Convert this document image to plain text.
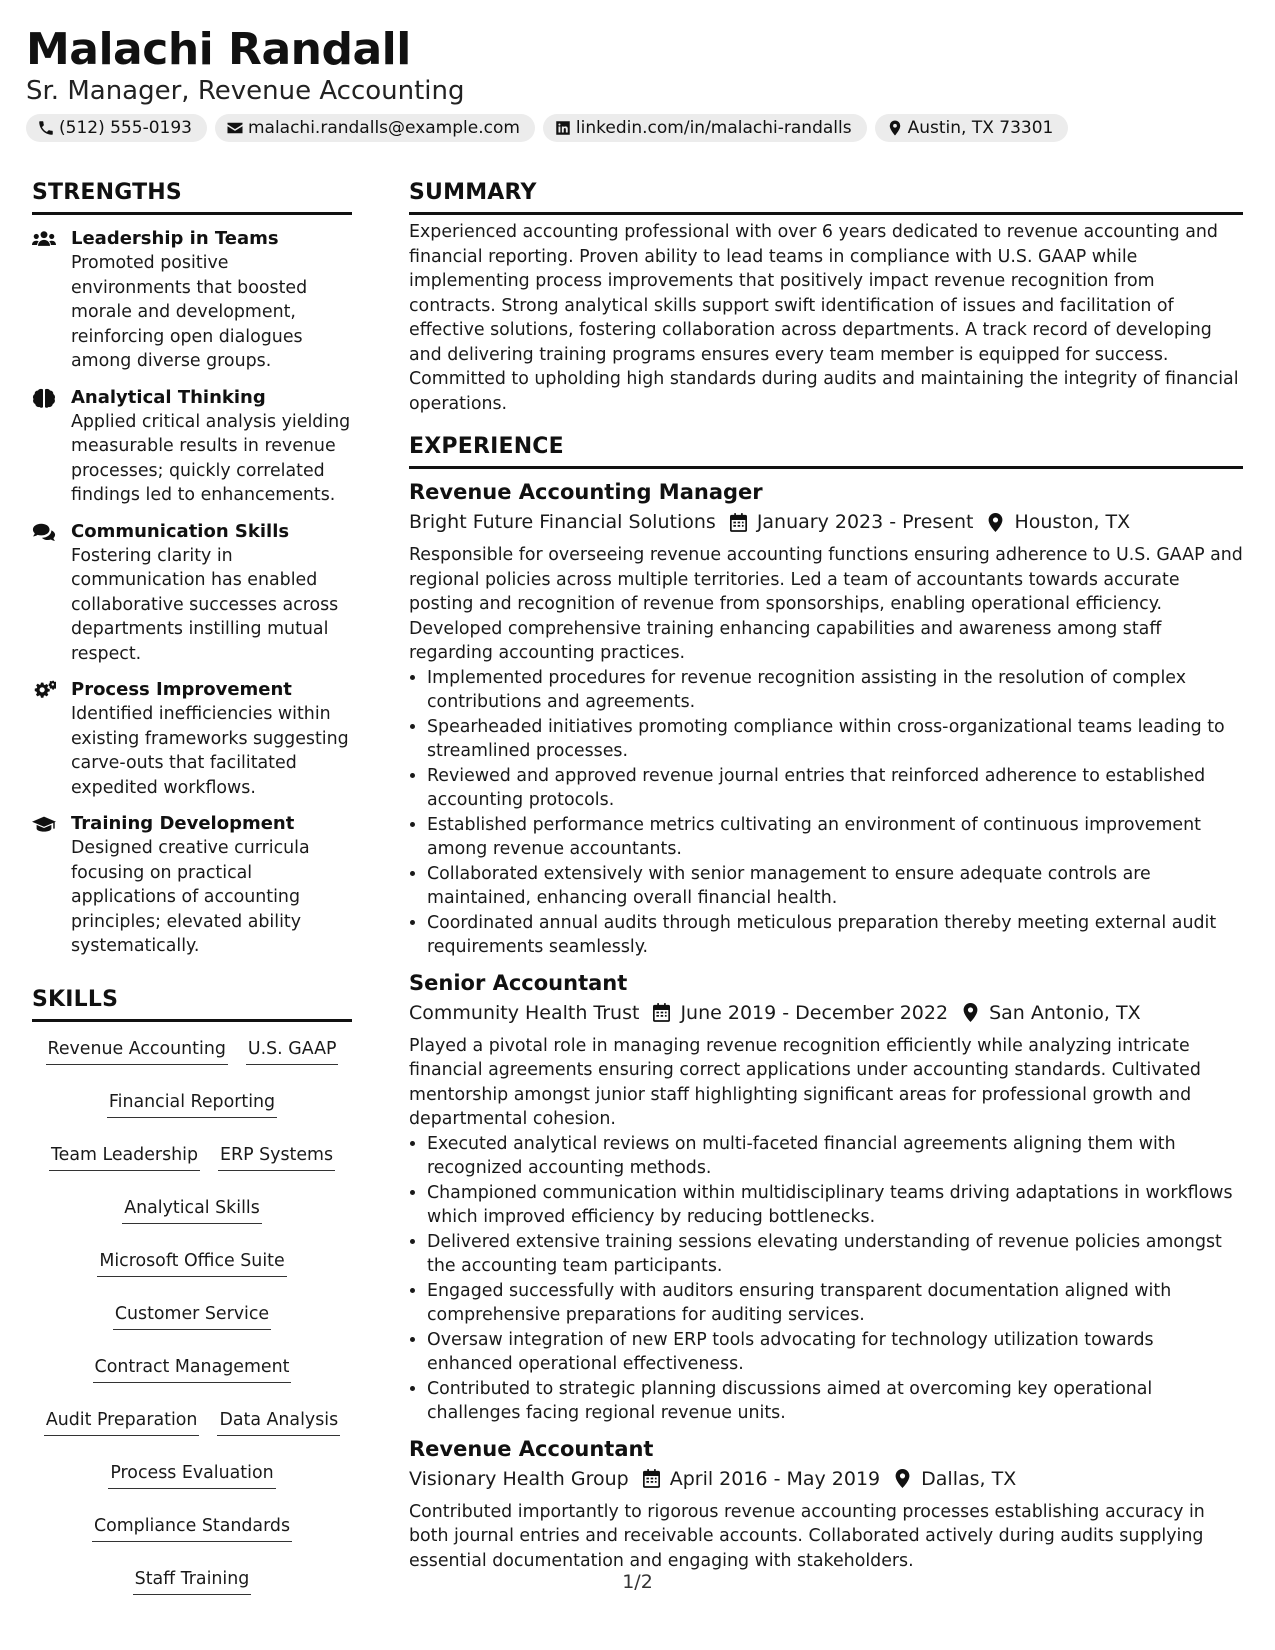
Malachi Randall
Sr. Manager, Revenue Accounting
(512) 555-0193	malachi.randalls@example.com	linkedin.com/in/malachi-randalls	Austin, TX 73301
STRENGTHS
Leadership in Teams
Promoted positive environments that boosted morale and development, reinforcing open dialogues among diverse groups.
Analytical Thinking
Applied critical analysis yielding measurable results in revenue processes; quickly correlated findings led to enhancements.
Communication Skills
Fostering clarity in communication has enabled collaborative successes across departments instilling mutual respect.
Process Improvement
Identified inefficiencies within existing frameworks suggesting carve-outs that facilitated expedited workflows.
Training Development
Designed creative curricula focusing on practical applications of accounting principles; elevated ability systematically.
SKILLS
Revenue Accounting U.S. GAAP
Financial Reporting
Team Leadership ERP Systems
Analytical Skills
Microsoft Office Suite
Customer Service
Contract Management
Audit Preparation Data Analysis
Process Evaluation
Compliance Standards
Staff Training
SUMMARY
Experienced accounting professional with over 6 years dedicated to revenue accounting and financial reporting. Proven ability to lead teams in compliance with U.S. GAAP while implementing process improvements that positively impact revenue recognition from contracts. Strong analytical skills support swift identification of issues and facilitation of effective solutions, fostering collaboration across departments. A track record of developing and delivering training programs ensures every team member is equipped for success. Committed to upholding high standards during audits and maintaining the integrity of financial operations.
EXPERIENCE
Revenue Accounting Manager
Bright Future Financial Solutions January 2023 - Present Houston, TX
Responsible for overseeing revenue accounting functions ensuring adherence to U.S. GAAP and regional policies across multiple territories. Led a team of accountants towards accurate posting and recognition of revenue from sponsorships, enabling operational efficiency. Developed comprehensive training enhancing capabilities and awareness among staff regarding accounting practices.
• Implemented procedures for revenue recognition assisting in the resolution of complex contributions and agreements.
• Spearheaded initiatives promoting compliance within cross-organizational teams leading to streamlined processes.
• Reviewed and approved revenue journal entries that reinforced adherence to established accounting protocols.
• Established performance metrics cultivating an environment of continuous improvement among revenue accountants.
• Collaborated extensively with senior management to ensure adequate controls are maintained, enhancing overall financial health.
• Coordinated annual audits through meticulous preparation thereby meeting external audit requirements seamlessly.
Senior Accountant
Community Health Trust June 2019 - December 2022 San Antonio, TX
Played a pivotal role in managing revenue recognition efficiently while analyzing intricate financial agreements ensuring correct applications under accounting standards. Cultivated mentorship amongst junior staff highlighting significant areas for professional growth and departmental cohesion.
• Executed analytical reviews on multi-faceted financial agreements aligning them with recognized accounting methods.
• Championed communication within multidisciplinary teams driving adaptations in workflows which improved efficiency by reducing bottlenecks.
• Delivered extensive training sessions elevating understanding of revenue policies amongst the accounting team participants.
• Engaged successfully with auditors ensuring transparent documentation aligned with comprehensive preparations for auditing services.
• Oversaw integration of new ERP tools advocating for technology utilization towards enhanced operational effectiveness.
• Contributed to strategic planning discussions aimed at overcoming key operational challenges facing regional revenue units.
Revenue Accountant
Visionary Health Group April 2016 - May 2019 Dallas, TX
Contributed importantly to rigorous revenue accounting processes establishing accuracy in both journal entries and receivable accounts. Collaborated actively during audits supplying essential documentation and engaging with stakeholders.
1/2
